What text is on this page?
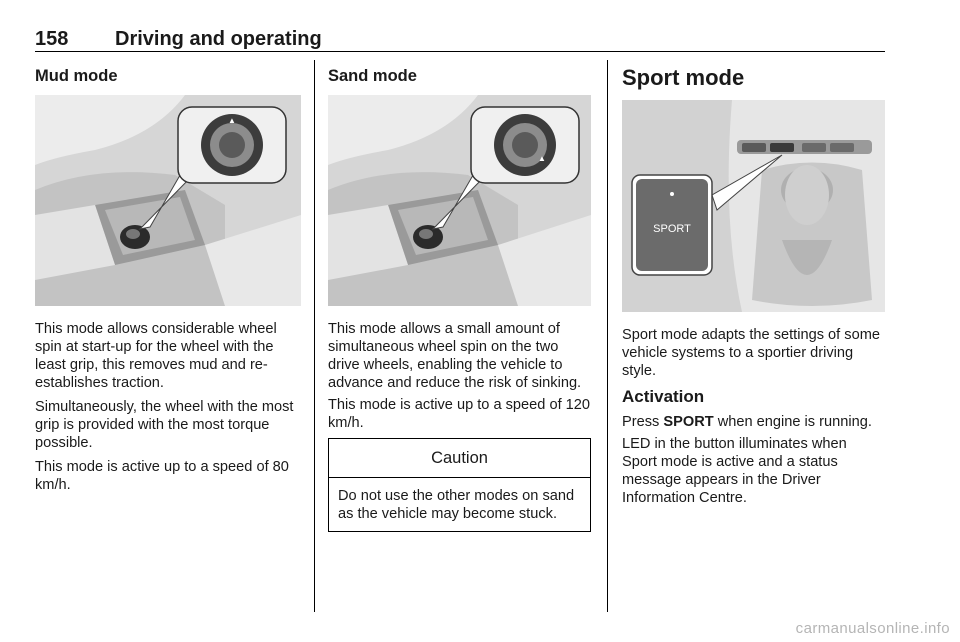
158 Driving and operating
Mud mode
▲

This mode allows considerable wheel spin at start-up for the wheel with the least grip, this removes mud and re-establishes traction.

Simultaneously, the wheel with the most grip is provided with the most torque possible.

This mode is active up to a speed of 80 km/h.

Sand mode
▲

This mode allows a small amount of simultaneous wheel spin on the two drive wheels, enabling the vehicle to advance and reduce the risk of sinking.

This mode is active up to a speed of 120 km/h.

Caution

Do not use the other modes on sand as the vehicle may become stuck.

Sport mode
SPORT

Sport mode adapts the settings of some vehicle systems to a sportier driving style.

Activation

Press SPORT when engine is running.

LED in the button illuminates when Sport mode is active and a status message appears in the Driver Information Centre.

carmanualsonline.info
